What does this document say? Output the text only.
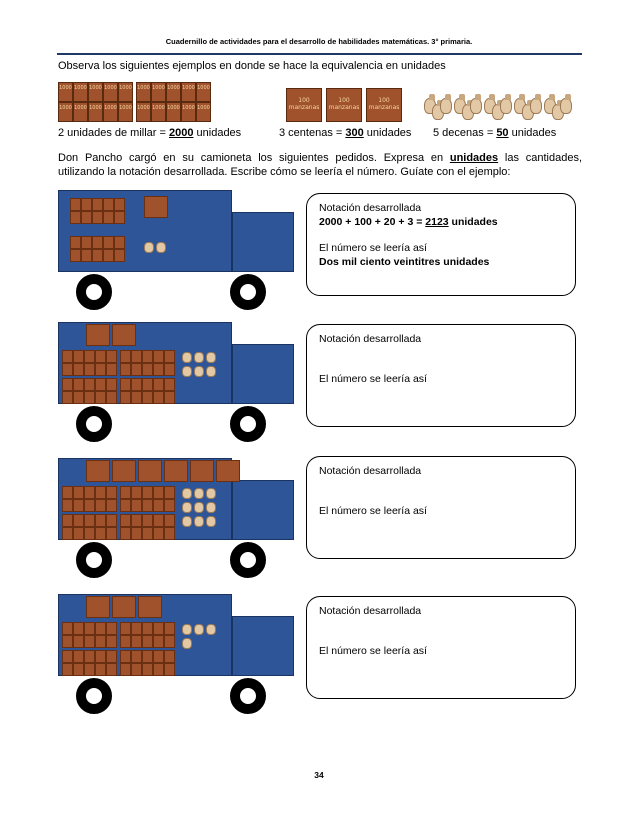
Cuadernillo de actividades para el desarrollo de habilidades matemáticas. 3° primaria.
Observa los siguientes ejemplos en donde se hace la equivalencia en unidades
1000 1000 1000 1000 1000
1000 1000 1000 1000 1000
1000 1000 1000 1000 1000
1000 1000 1000 1000 1000
100 manzanas
100 manzanas
100 manzanas
2 unidades de millar = 2000 unidades	3 centenas = 300 unidades 5 decenas = 50 unidades
Don Pancho cargó en su camioneta los siguientes pedidos. Expresa en unidades las cantidades, utilizando la notación desarrollada. Escribe cómo se leería el número. Guíate con el ejemplo:
Notación desarrollada
2000 + 100 + 20 + 3 = 2123 unidades
El número se leería así
Dos mil ciento veintitres unidades
Notación desarrollada
El número se leería así
Notación desarrollada
El número se leería así
Notación desarrollada
El número se leería así
34
